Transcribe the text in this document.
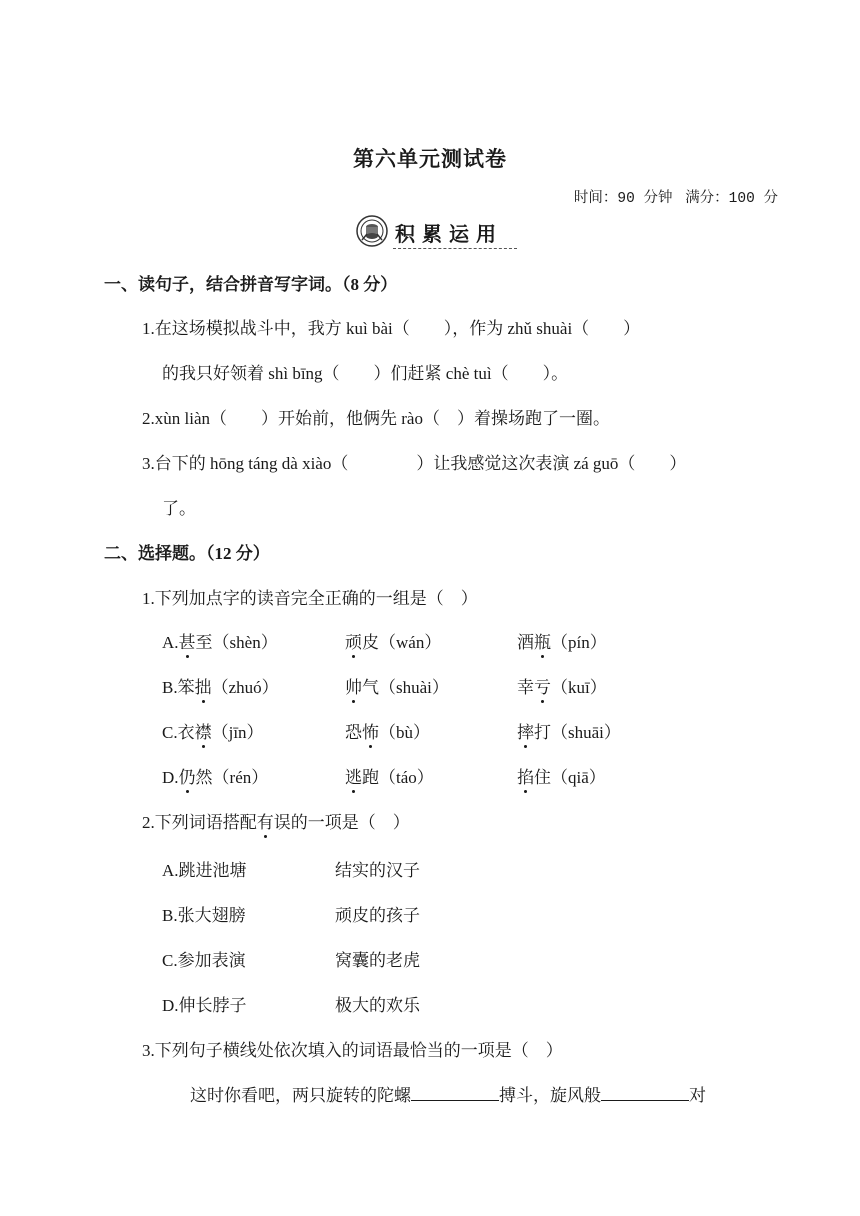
第六单元测试卷
时间：90 分钟 满分：100 分
积累运用
一、读句子，结合拼音写字词。（8 分）
1.在这场模拟战斗中，我方 kuì bài（　　），作为 zhǔ shuài（　　）
的我只好领着 shì bīng（　　）们赶紧 chè tuì（　　）。
2.xùn liàn（　　）开始前，他俩先 rào（　）着操场跑了一圈。
3.台下的 hōng táng dà xiào（　　　　）让我感觉这次表演 zá guō（　　）
了。
二、选择题。（12 分）
1.下列加点字的读音完全正确的一组是（　）
A.甚至（shèn）	顽皮（wán）	酒瓶（pín）
B.笨拙（zhuó）	帅气（shuài）	幸亏（kuī）
C.衣襟（jīn）	恐怖（bù）	摔打（shuāi）
D.仍然（rén）	逃跑（táo）	掐住（qiā）
2.下列词语搭配有误的一项是（　）
A.跳进池塘	结实的汉子
B.张大翅膀	顽皮的孩子
C.参加表演	窝囊的老虎
D.伸长脖子	极大的欢乐
3.下列句子横线处依次填入的词语最恰当的一项是（　）
这时你看吧，两只旋转的陀螺	搏斗，旋风般	对
